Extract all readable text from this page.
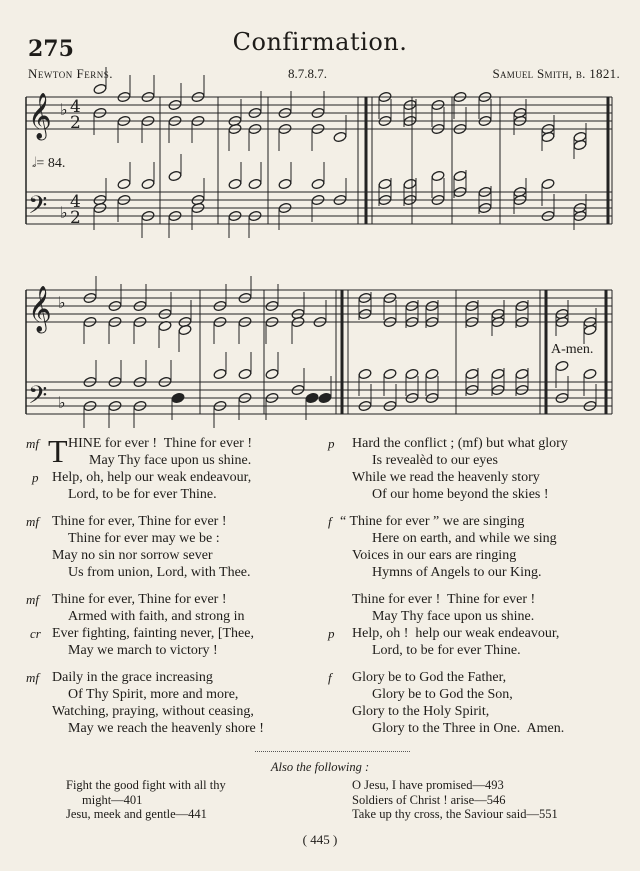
275	Confirmation.
Newton Ferns.	8.7.8.7.	Samuel Smith, b. 1821.
𝄞
𝄢
♭
♭
4
2
4
2
𝄞
𝄢
♭
♭
𝅗𝅥= 84.
A-men.
mf T HINE for ever !  Thine for ever !
May Thy face upon us shine.
p Help, oh, help our weak endeavour,
Lord, to be for ever Thine.
mf Thine for ever, Thine for ever !
Thine for ever may we be :
May no sin nor sorrow sever
Us from union, Lord, with Thee.
mf Thine for ever, Thine for ever !
Armed with faith, and strong in
cr Ever fighting, fainting never, [Thee,
May we march to victory !
mf Daily in the grace increasing
Of Thy Spirit, more and more,
Watching, praying, without ceasing,
May we reach the heavenly shore !
p Hard the conflict ; (mf) but what glory
Is revealèd to our eyes
While we read the heavenly story
Of our home beyond the skies !
f “ Thine for ever ” we are singing
Here on earth, and while we sing
Voices in our ears are ringing
Hymns of Angels to our King.
Thine for ever !  Thine for ever !
May Thy face upon us shine.
p Help, oh !  help our weak endeavour,
Lord, to be for ever Thine.
f Glory be to God the Father,
Glory be to God the Son,
Glory to the Holy Spirit,
Glory to the Three in One.  Amen.
Also the following :
Fight the good fight with all thy
might—401
Jesu, meek and gentle—441
O Jesu, I have promised—493
Soldiers of Christ ! arise—546
Take up thy cross, the Saviour said—551
( 445 )
